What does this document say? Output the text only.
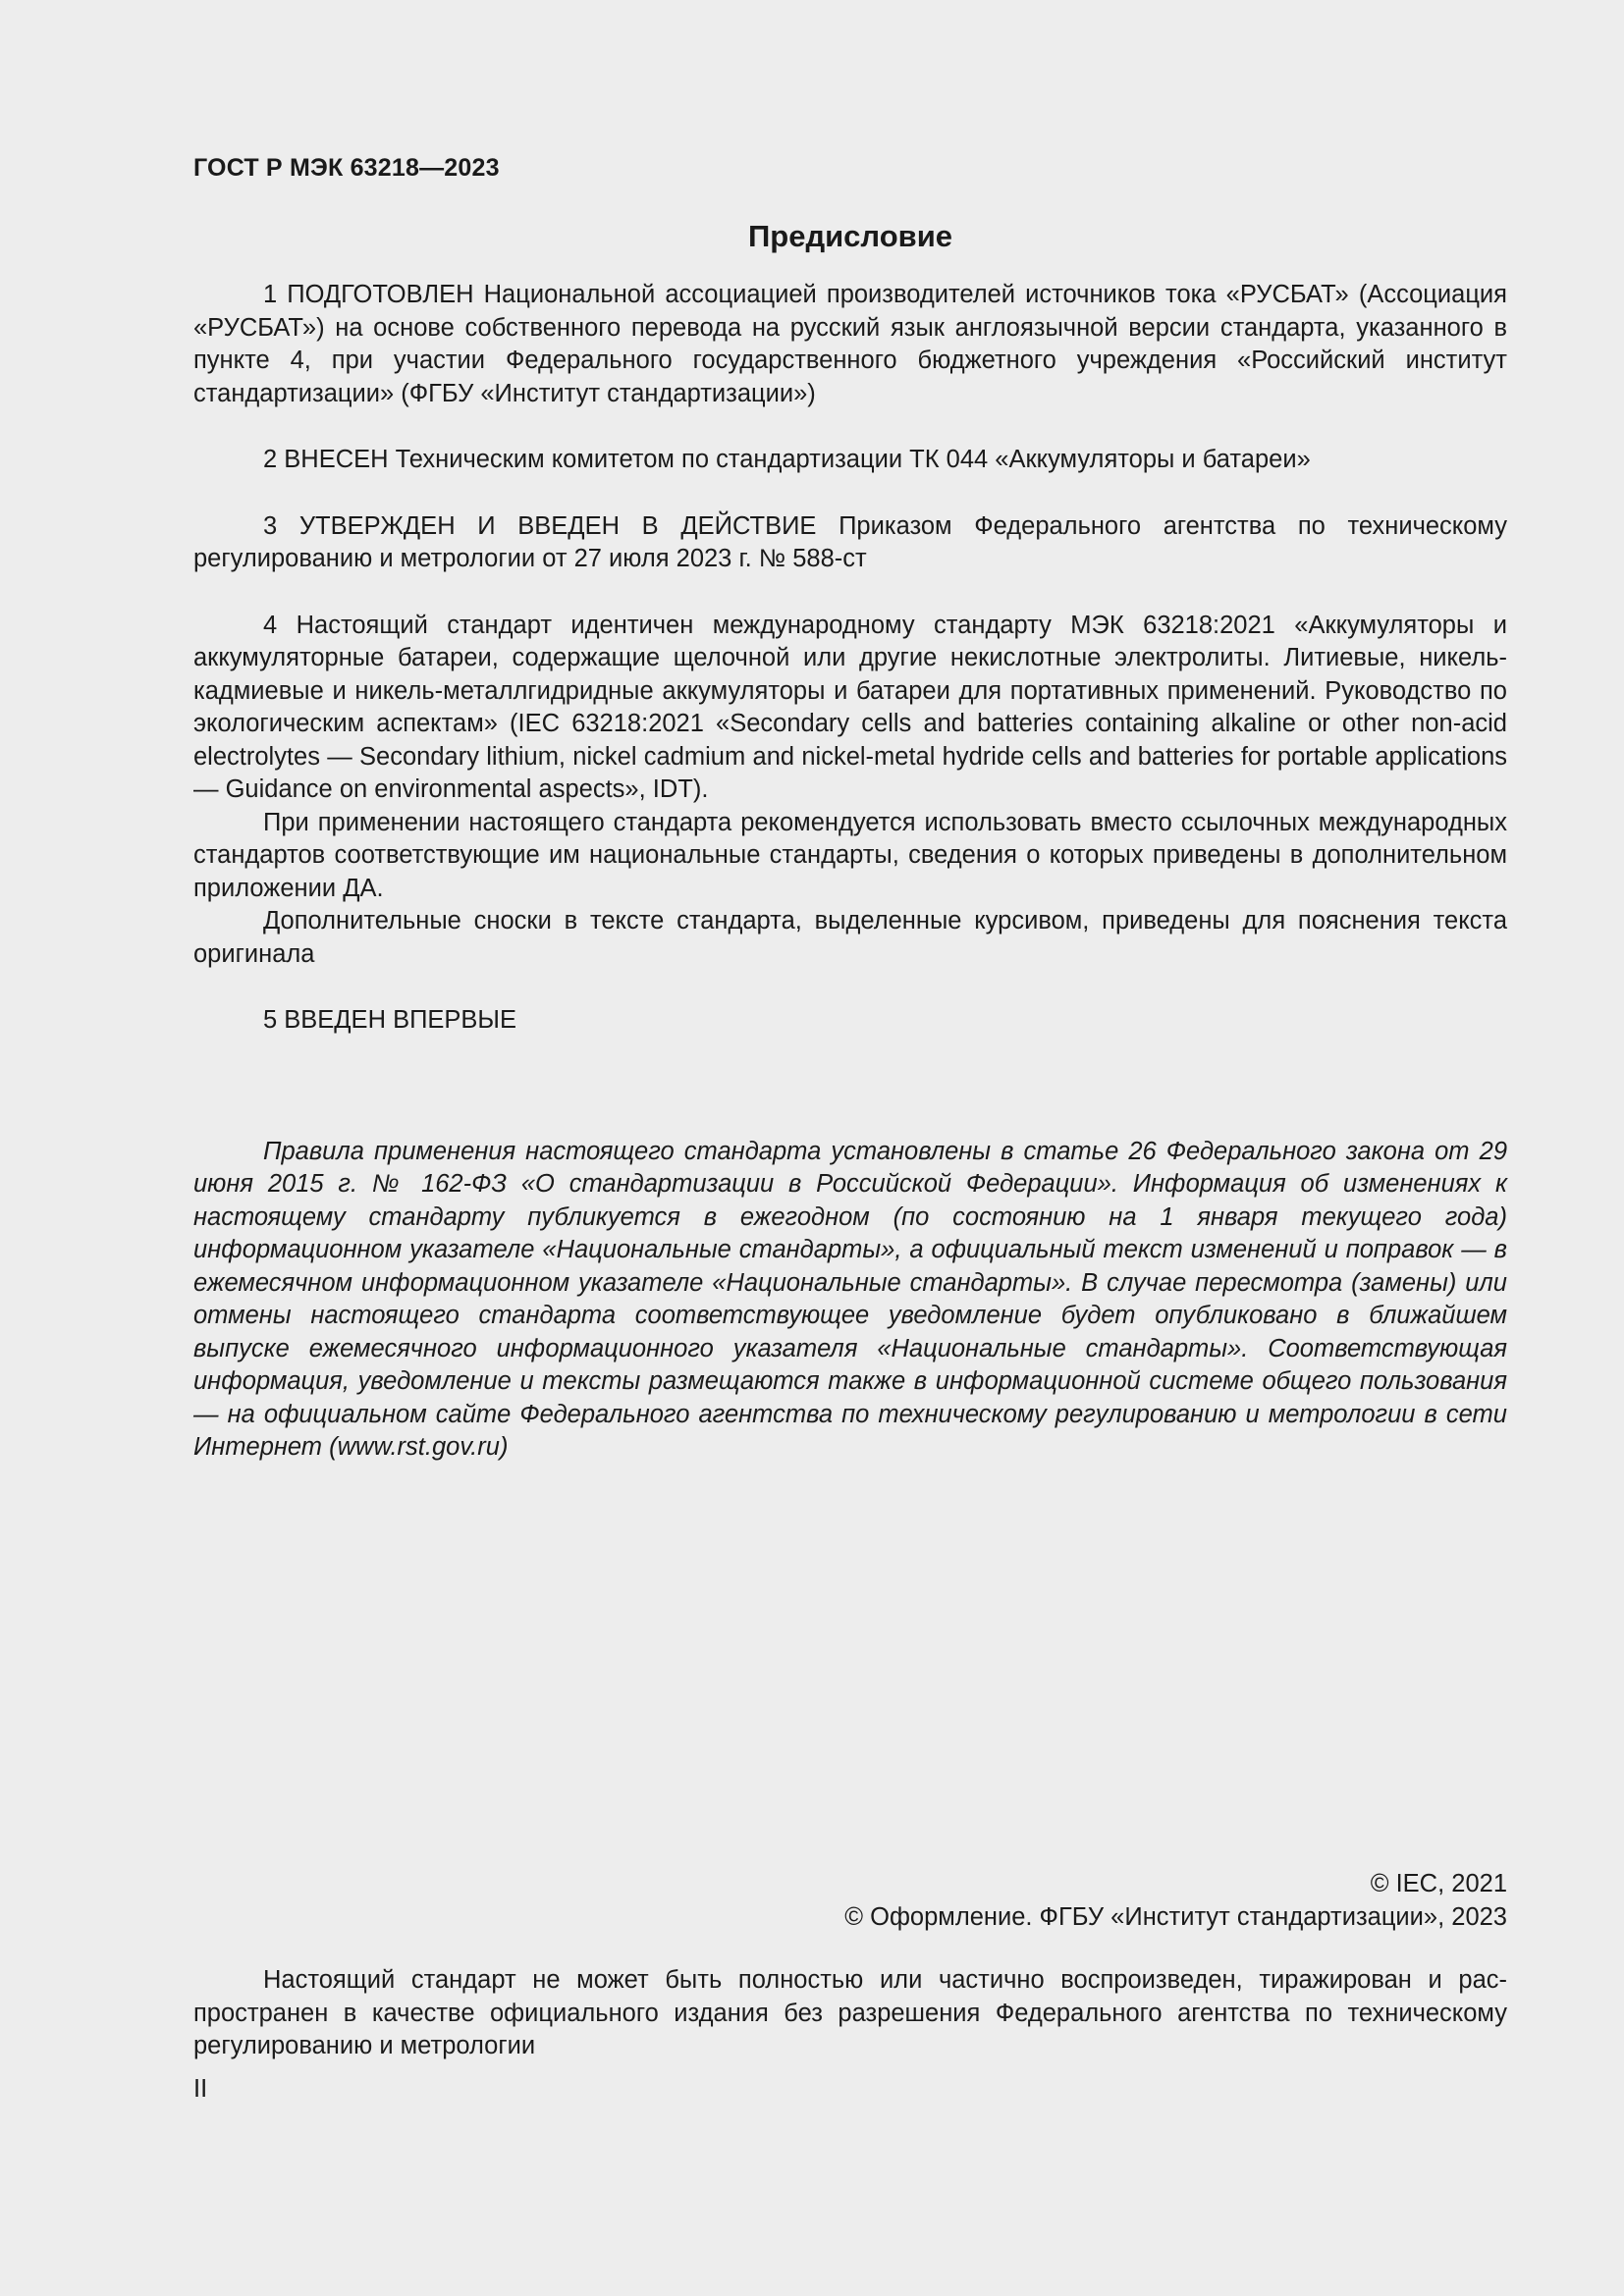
ГОСТ Р МЭК 63218—2023
Предисловие

1 ПОДГОТОВЛЕН Национальной ассоциацией производителей источников тока «РУСБАТ» (Ассоциация «РУСБАТ») на основе собственного перевода на русский язык англоязычной версии стандарта, указанного в пункте 4, при участии Федерального государственного бюджетного учреждения «Российский институт стандартизации» (ФГБУ «Институт стандартизации»)

2 ВНЕСЕН Техническим комитетом по стандартизации ТК 044 «Аккумуляторы и батареи»

3 УТВЕРЖДЕН И ВВЕДЕН В ДЕЙСТВИЕ Приказом Федерального агентства по техническому регулированию и метрологии от 27 июля 2023 г. № 588-ст

4 Настоящий стандарт идентичен международному стандарту МЭК 63218:2021 «Аккумуляторы и аккумуляторные батареи, содержащие щелочной или другие некислотные электролиты. Литиевые, никель-кадмиевые и никель-металлгидридные аккумуляторы и батареи для портативных применений. Руководство по экологическим аспектам» (IEC 63218:2021 «Secondary cells and batteries containing alkaline or other non-acid electrolytes — Secondary lithium, nickel cadmium and nickel-metal hydride cells and batteries for portable applications — Guidance on environmental aspects», IDT).

При применении настоящего стандарта рекомендуется использовать вместо ссылочных международных стандартов соответствующие им национальные стандарты, сведения о которых приведены в дополнительном приложении ДА.

Дополнительные сноски в тексте стандарта, выделенные курсивом, приведены для пояснения текста оригинала

5 ВВЕДЕН ВПЕРВЫЕ

Правила применения настоящего стандарта установлены в статье 26 Федерального закона от 29 июня 2015 г. № 162-ФЗ «О стандартизации в Российской Федерации». Информация об изменениях к настоящему стандарту публикуется в ежегодном (по состоянию на 1 января текущего года) информационном указателе «Национальные стандарты», а официальный текст изменений и поправок — в ежемесячном информационном указателе «Национальные стандарты». В случае пересмотра (замены) или отмены настоящего стандарта соответствующее уведомление будет опубликовано в ближайшем выпуске ежемесячного информационного указателя «Национальные стандарты». Соответствующая информация, уведомление и тексты размещаются также в информационной системе общего пользования — на официальном сайте Федерального агентства по техническому регулированию и метрологии в сети Интернет (www.rst.gov.ru)

© IEC, 2021
© Оформление. ФГБУ «Институт стандартизации», 2023

Настоящий стандарт не может быть полностью или частично воспроизведен, тиражирован и распространен в качестве официального издания без разрешения Федерального агентства по техническому регулированию и метрологии

II
